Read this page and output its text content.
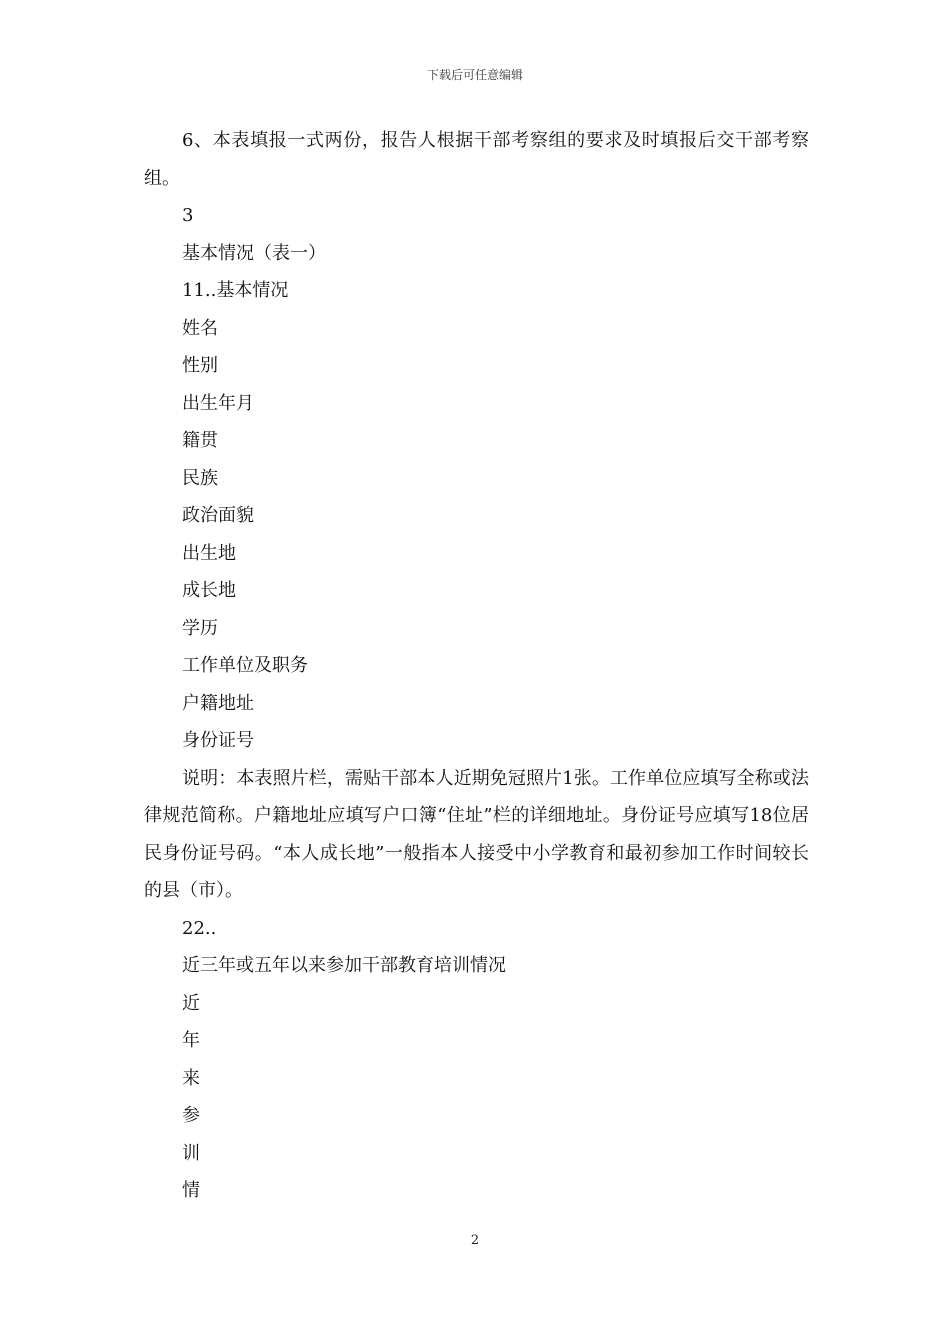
下载后可任意编辑

6、本表填报一式两份，报告人根据干部考察组的要求及时填报后交干部考察组。

3

基本情况（表一）

11..基本情况

姓名

性别

出生年月

籍贯

民族

政治面貌

出生地

成长地

学历

工作单位及职务

户籍地址

身份证号

说明：本表照片栏，需贴干部本人近期免冠照片1张。工作单位应填写全称或法律规范简称。户籍地址应填写户口簿“住址”栏的详细地址。身份证号应填写18位居民身份证号码。“本人成长地”一般指本人接受中小学教育和最初参加工作时间较长的县（市）。

22..

近三年或五年以来参加干部教育培训情况

近

年

来

参

训

情

2
